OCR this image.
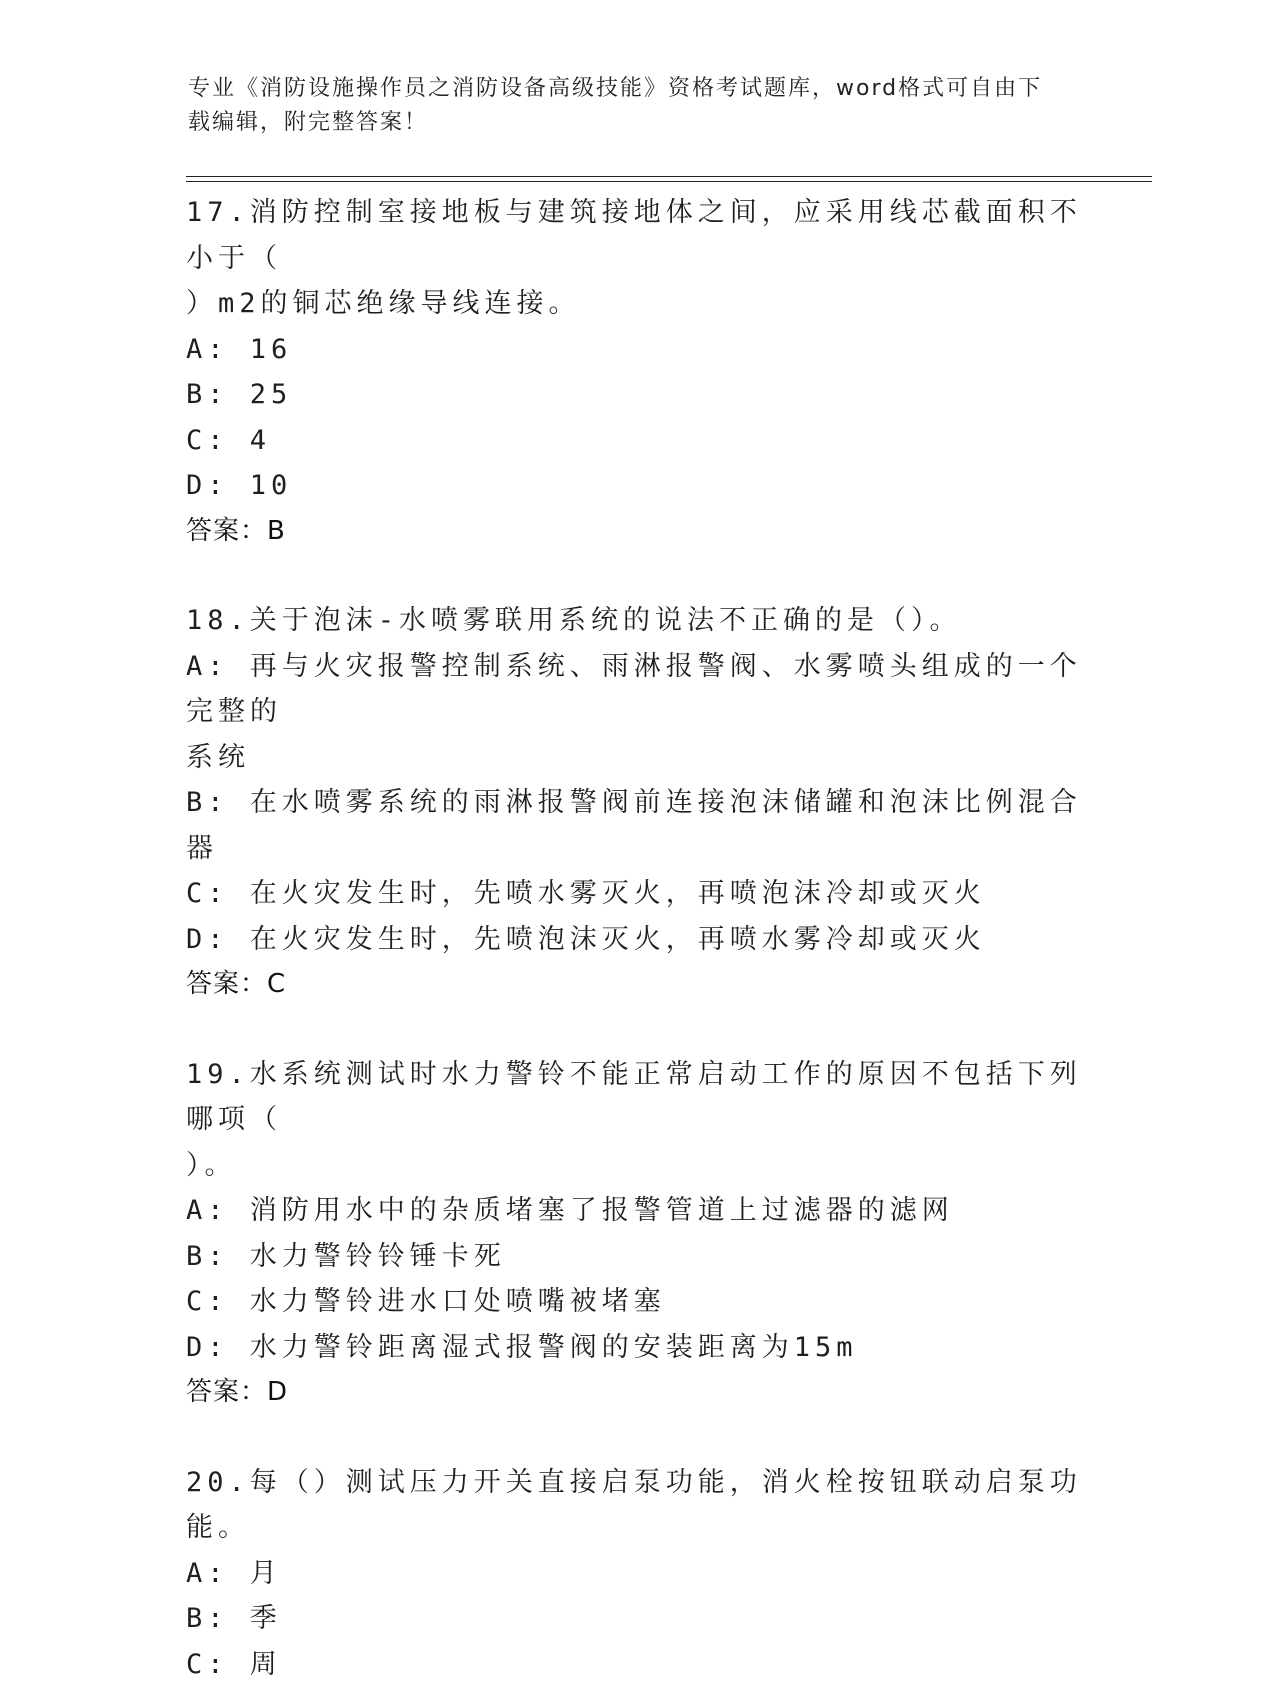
专业《消防设施操作员之消防设备高级技能》资格考试题库，word格式可自由下
载编辑，附完整答案！
17.消防控制室接地板与建筑接地体之间，应采用线芯截面积不小于（
）m2的铜芯绝缘导线连接。
A: 16
B: 25
C: 4
D: 10
答案：B
18.关于泡沫-水喷雾联用系统的说法不正确的是（）。
A: 再与火灾报警控制系统、雨淋报警阀、水雾喷头组成的一个完整的
系统
B: 在水喷雾系统的雨淋报警阀前连接泡沫储罐和泡沫比例混合器
C: 在火灾发生时，先喷水雾灭火，再喷泡沫冷却或灭火
D: 在火灾发生时，先喷泡沫灭火，再喷水雾冷却或灭火
答案：C
19.水系统测试时水力警铃不能正常启动工作的原因不包括下列哪项（
）。
A: 消防用水中的杂质堵塞了报警管道上过滤器的滤网
B: 水力警铃铃锤卡死
C: 水力警铃进水口处喷嘴被堵塞
D: 水力警铃距离湿式报警阀的安装距离为15m
答案：D
20.每（）测试压力开关直接启泵功能，消火栓按钮联动启泵功能。
A: 月
B: 季
C: 周
